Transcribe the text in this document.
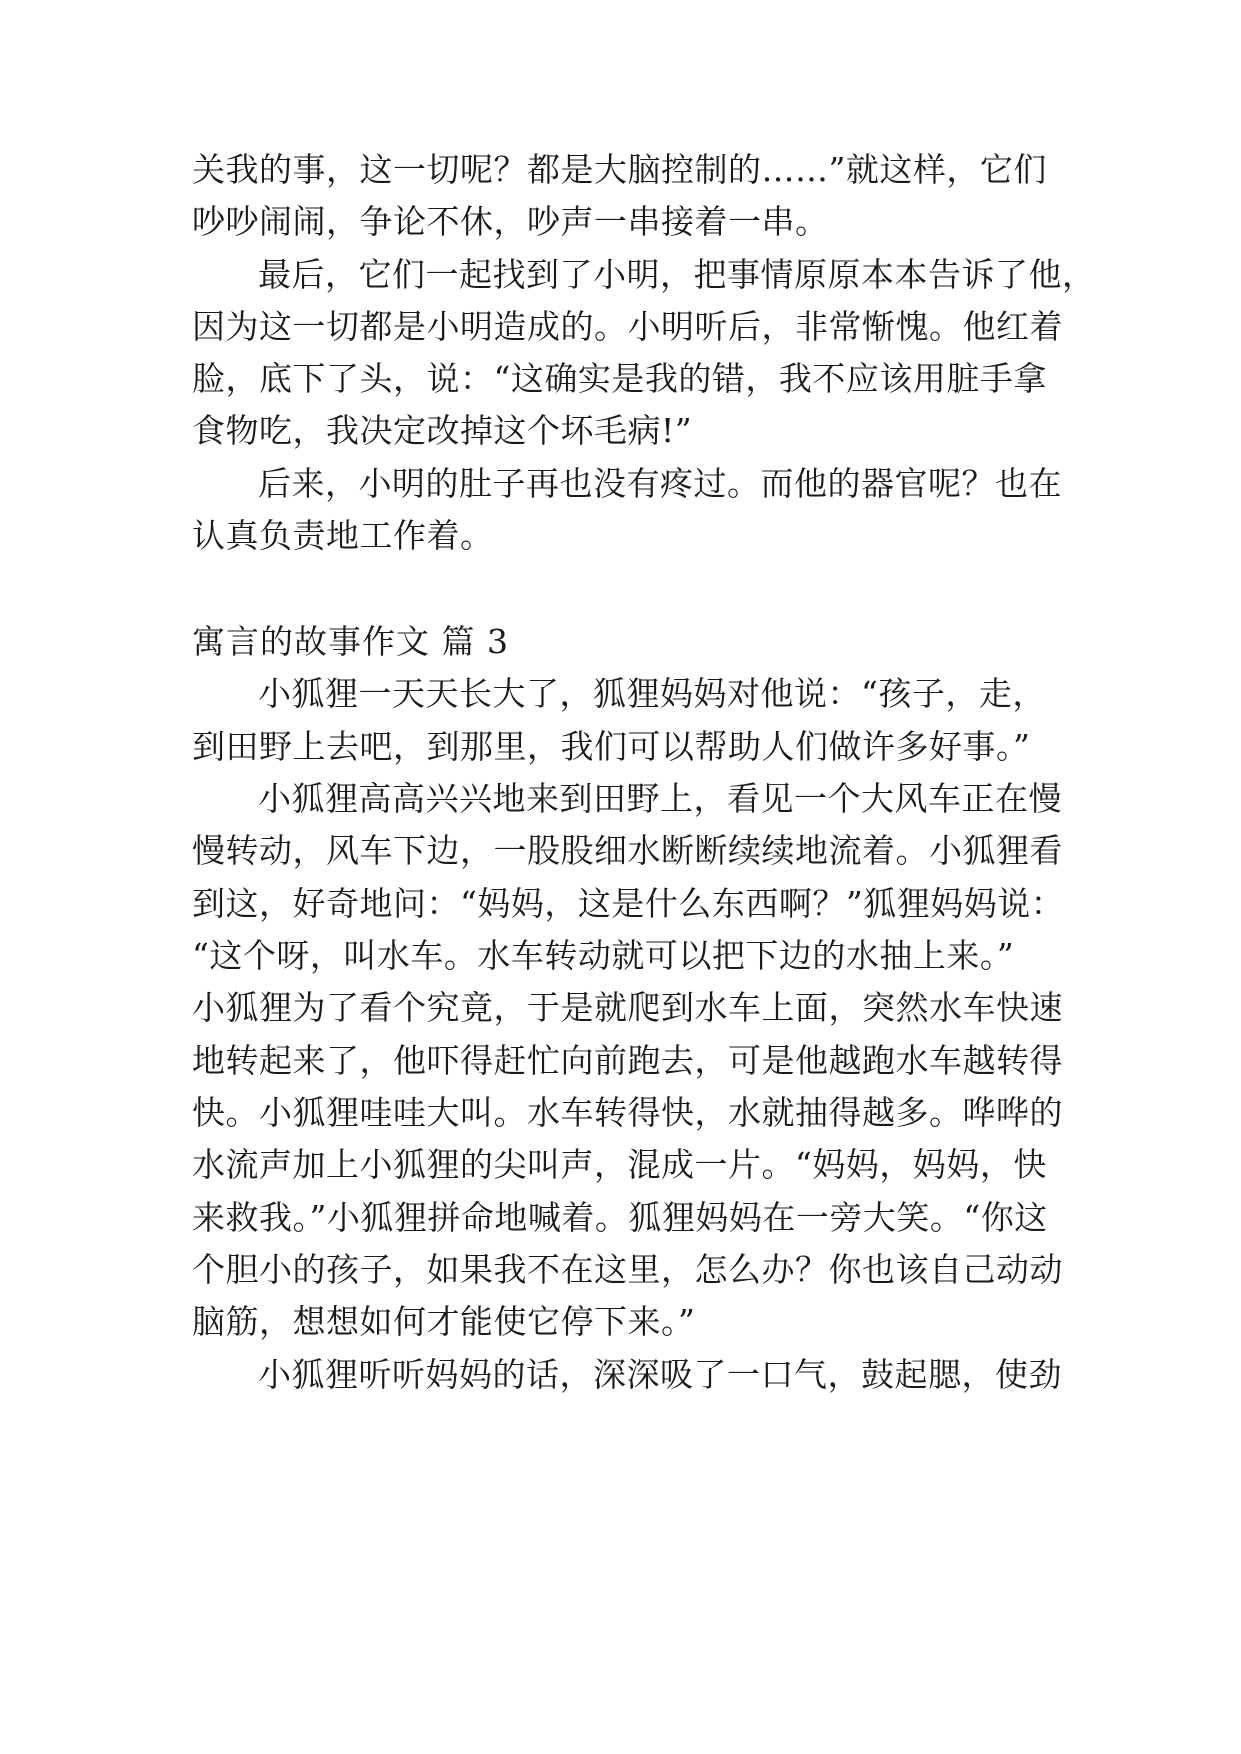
关我的事，这一切呢？都是大脑控制的……”就这样，它们
吵吵闹闹，争论不休，吵声一串接着一串。
最后，它们一起找到了小明，把事情原原本本告诉了他，
因为这一切都是小明造成的。小明听后，非常惭愧。他红着
脸，底下了头，说：“这确实是我的错，我不应该用脏手拿
食物吃，我决定改掉这个坏毛病!”
后来，小明的肚子再也没有疼过。而他的器官呢？也在
认真负责地工作着。
寓言的故事作文 篇 3
小狐狸一天天长大了，狐狸妈妈对他说：“孩子，走，
到田野上去吧，到那里，我们可以帮助人们做许多好事。”
小狐狸高高兴兴地来到田野上，看见一个大风车正在慢
慢转动，风车下边，一股股细水断断续续地流着。小狐狸看
到这，好奇地问：“妈妈，这是什么东西啊？”狐狸妈妈说：
“这个呀，叫水车。水车转动就可以把下边的水抽上来。”
小狐狸为了看个究竟，于是就爬到水车上面，突然水车快速
地转起来了，他吓得赶忙向前跑去，可是他越跑水车越转得
快。小狐狸哇哇大叫。水车转得快，水就抽得越多。哗哗的
水流声加上小狐狸的尖叫声，混成一片。“妈妈，妈妈，快
来救我。”小狐狸拼命地喊着。狐狸妈妈在一旁大笑。“你这
个胆小的孩子，如果我不在这里，怎么办？你也该自己动动
脑筋，想想如何才能使它停下来。”
小狐狸听听妈妈的话，深深吸了一口气，鼓起腮，使劲
